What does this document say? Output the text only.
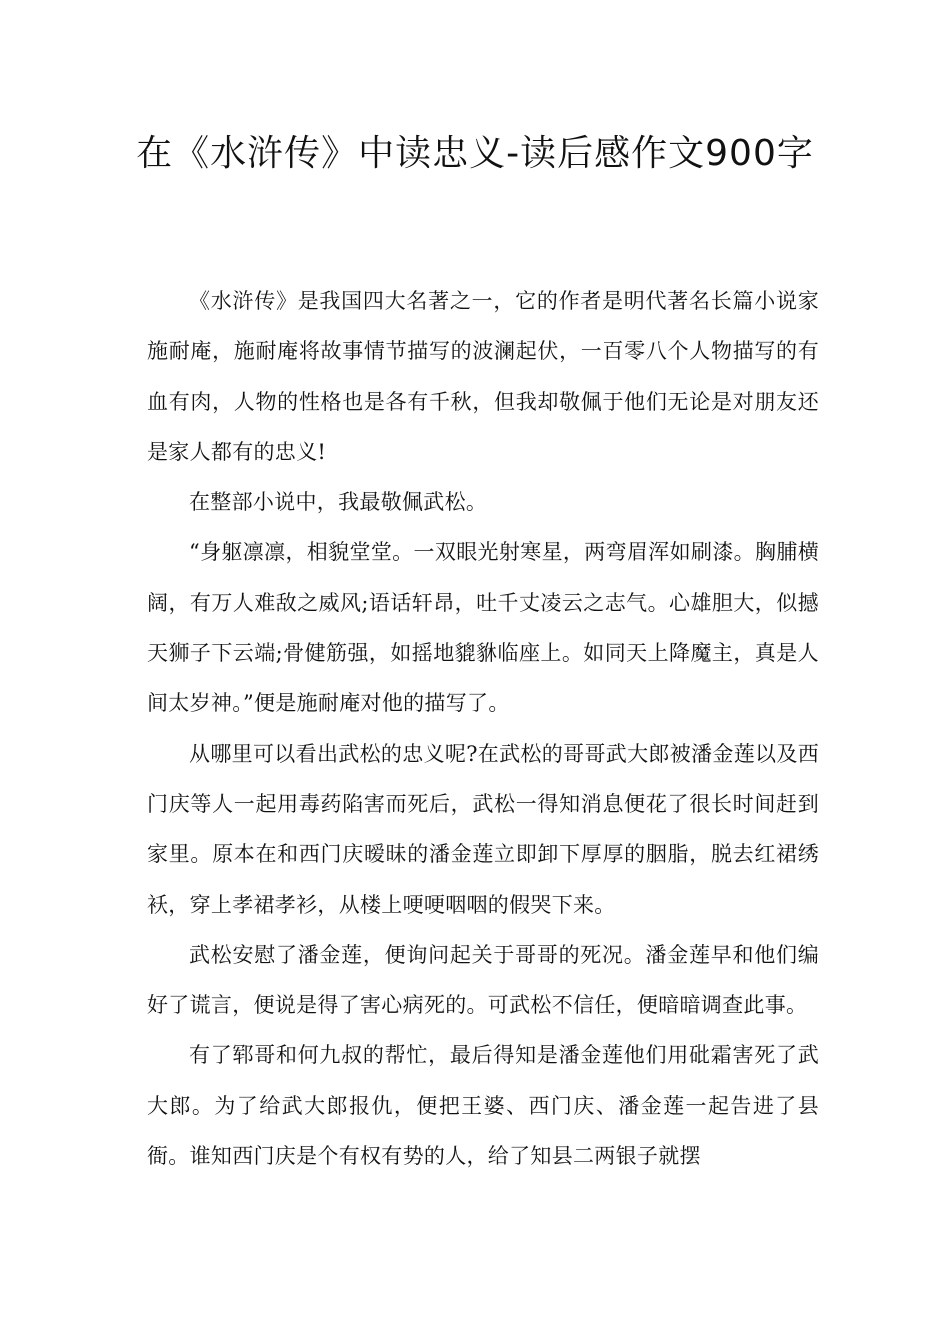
在《水浒传》中读忠义-读后感作文900字

《水浒传》是我国四大名著之一，它的作者是明代著名长篇小说家施耐庵，施耐庵将故事情节描写的波澜起伏，一百零八个人物描写的有血有肉，人物的性格也是各有千秋，但我却敬佩于他们无论是对朋友还是家人都有的忠义!

在整部小说中，我最敬佩武松。

“身躯凛凛，相貌堂堂。一双眼光射寒星，两弯眉浑如刷漆。胸脯横阔，有万人难敌之威风;语话轩昂，吐千丈凌云之志气。心雄胆大，似撼天狮子下云端;骨健筋强，如摇地貔貅临座上。如同天上降魔主，真是人间太岁神。”便是施耐庵对他的描写了。

从哪里可以看出武松的忠义呢?在武松的哥哥武大郎被潘金莲以及西门庆等人一起用毒药陷害而死后，武松一得知消息便花了很长时间赶到家里。原本在和西门庆暧昧的潘金莲立即卸下厚厚的胭脂，脱去红裙绣袄，穿上孝裙孝衫，从楼上哽哽咽咽的假哭下来。

武松安慰了潘金莲，便询问起关于哥哥的死况。潘金莲早和他们编好了谎言，便说是得了害心病死的。可武松不信任，便暗暗调查此事。

有了郓哥和何九叔的帮忙，最后得知是潘金莲他们用砒霜害死了武大郎。为了给武大郎报仇，便把王婆、西门庆、潘金莲一起告进了县衙。谁知西门庆是个有权有势的人，给了知县二两银子就摆
